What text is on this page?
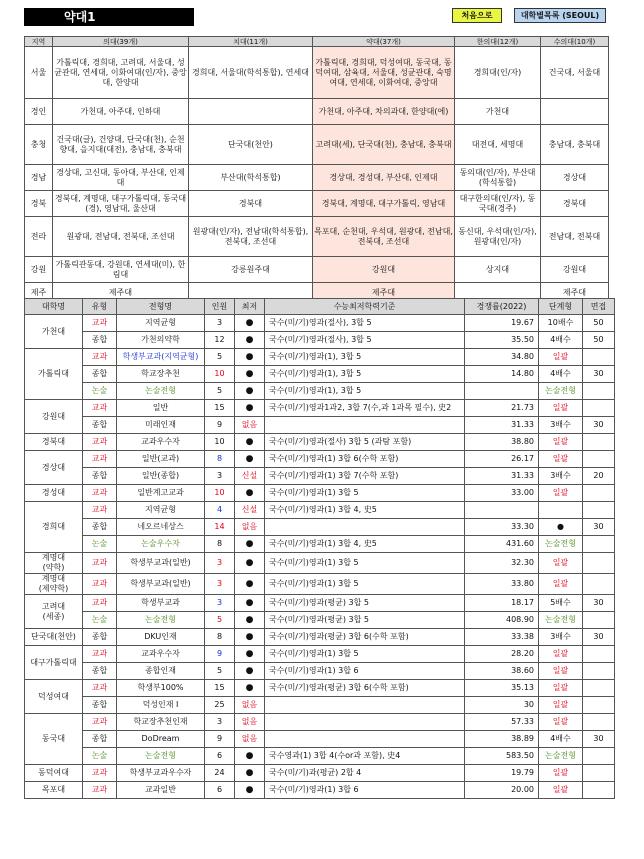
약대1	처음으로	대학별목록 (SEOUL)
지역	의대(39개)	치대(11개)	약대(37개)	한의대(12개)	수의대(10개)
서울	가톨릭대, 경희대, 고려대, 서울대, 성균관대, 연세대, 이화여대(인/자), 중앙대, 한양대	경희대, 서울대(학석통합), 연세대	가톨릭대, 경희대, 덕성여대, 동국대, 동덕여대, 삼육대, 서울대, 성균관대, 숙명여대, 연세대, 이화여대, 중앙대	경희대(인/자)	건국대, 서울대
경인	가천대, 아주대, 인하대		가천대, 아주대, 차의과대, 한양대(에)	가천대	
충청	건국대(글), 건양대, 단국대(천), 순천향대, 을지대(대전), 충남대, 충북대	단국대(천안)	고려대(세), 단국대(천), 충남대, 충북대	대전대, 세명대	충남대, 충북대
경남	경상대, 고신대, 동아대, 부산대, 인제대	부산대(학석통합)	경상대, 경성대, 부산대, 인제대	동의대(인/자), 부산대(학석통합)	경상대
경북	경북대, 계명대, 대구가톨릭대, 동국대(경), 영남대, 울산대	경북대	경북대, 계명대, 대구가톨릭, 영남대	대구한의대(인/자), 동국대(경주)	경북대
전라	원광대, 전남대, 전북대, 조선대	원광대(인/자), 전남대(학석통합), 전북대, 조선대	목포대, 순천대, 우석대, 원광대, 전남대, 전북대, 조선대	동신대, 우석대(인/자), 원광대(인/자)	전남대, 전북대
강원	가톨릭관동대, 강원대, 연세대(미), 한림대	강릉원주대	강원대	상지대	강원대
제주	제주대		제주대		제주대
대학명	유형	전형명	인원	최저	수능최저학력기준	경쟁률(2022)	단계형	면접
가천대	교과	지역균형	3	●	국수(미/기)영과(절사), 3합 5	19.67	10배수	50
	종합	가천의약학	12	●	국수(미/기)영과(절사), 3합 5	35.50	4배수	50
가톨릭대	교과	학생부교과(지역균형)	5	●	국수(미/기)영과(1), 3합 5	34.80	일괄	
	종합	학교장추천	10	●	국수(미/기)영과(1), 3합 5	14.80	4배수	30
	논술	논술전형	5	●	국수(미/기)영과(1), 3합 5		논술전형	
강원대	교과	일반	15	●	국수(미/기)영과1과2, 3합 7(수,과 1과목 필수), 史2	21.73	일괄	
	종합	미래인재	9	없음		31.33	3배수	30
경북대	교과	교과우수자	10	●	국수(미/기)영과(절사) 3합 5 (과탐 포함)	38.80	일괄	
경상대	교과	일반(교과)	8	●	국수(미/기)영과(1) 3합 6(수학 포함)	26.17	일괄	
	종합	일반(종합)	3	신설	국수(미/기)영과(1) 3합 7(수학 포함)	31.33	3배수	20
경성대	교과	일반계고교과	10	●	국수(미/기)영과(1) 3합 5	33.00	일괄	
경희대	교과	지역균형	4	신설	국수(미/기)영과(1) 3합 4, 史5			
	종합	네오르네상스	14	없음		33.30	●	30
	논술	논술우수자	8	●	국수(미/기)영과(1) 3합 4, 史5	431.60	논술전형	
계명대
(약학)	교과	학생부교과(일반)	3	●	국수(미/기)영과(1) 3합 5	32.30	일괄	
계명대
(제약학)	교과	학생부교과(일반)	3	●	국수(미/기)영과(1) 3합 5	33.80	일괄	
고려대
(세종)	교과	학생부교과	3	●	국수(미/기)영과(평균) 3합 5	18.17	5배수	30
	논술	논술전형	5	●	국수(미/기)영과(평균) 3합 5	408.90	논술전형	
단국대(천안)	종합	DKU인재	8	●	국수(미/기)영과(평균) 3합 6(수학 포함)	33.38	3배수	30
대구가톨릭대	교과	교과우수자	9	●	국수(미/기)영과(1) 3합 5	28.20	일괄	
	종합	종합인재	5	●	국수(미/기)영과(1) 3합 6	38.60	일괄	
덕성여대	교과	학생부100%	15	●	국수(미/기)영과(평균) 3합 6(수학 포함)	35.13	일괄	
	종합	덕성인재 Ⅰ	25	없음		30	일괄	
동국대	교과	학교장추천인재	3	없음		57.33	일괄	
	종합	DoDream	9	없음		38.89	4배수	30
	논술	논술전형	6	●	국수영과(1) 3합 4(수or과 포함), 史4	583.50	논술전형	
동덕여대	교과	학생부교과우수자	24	●	국수(미/기)과(평균) 2합 4	19.79	일괄	
목포대	교과	교과일반	6	●	국수(미/기)영과(1) 3합 6	20.00	일괄	
